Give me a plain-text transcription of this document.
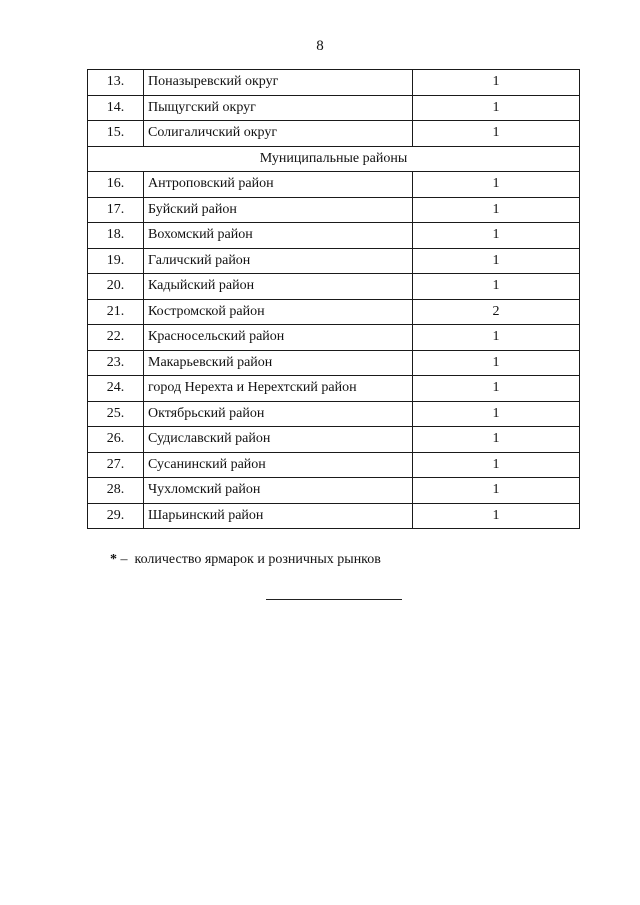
8
13.	Поназыревский округ	1
14.	Пыщугский округ	1
15.	Солигаличский округ	1
Муниципальные районы		
16.	Антроповский район	1
17.	Буйский район	1
18.	Вохомский район	1
19.	Галичский район	1
20.	Кадыйский район	1
21.	Костромской район	2
22.	Красносельский район	1
23.	Макарьевский район	1
24.	город Нерехта и Нерехтский район	1
25.	Октябрьский район	1
26.	Судиславский район	1
27.	Сусанинский район	1
28.	Чухломский район	1
29.	Шарьинский район	1
* –  количество ярмарок и розничных рынков
